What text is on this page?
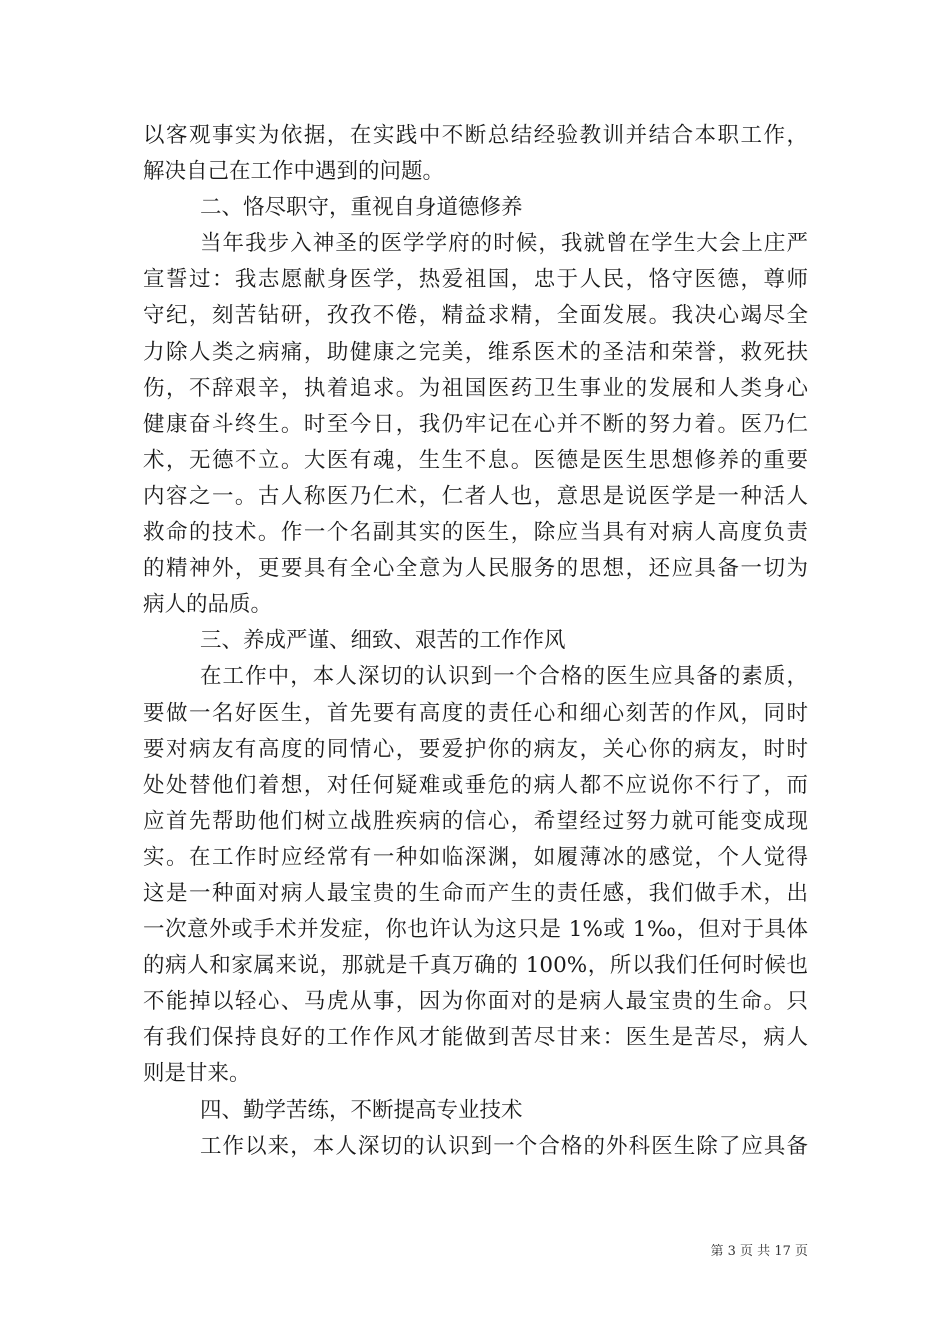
以客观事实为依据，在实践中不断总结经验教训并结合本职工作，
解决自己在工作中遇到的问题。
二、恪尽职守，重视自身道德修养
当年我步入神圣的医学学府的时候，我就曾在学生大会上庄严
宣誓过：我志愿献身医学，热爱祖国，忠于人民，恪守医德，尊师
守纪，刻苦钻研，孜孜不倦，精益求精，全面发展。我决心竭尽全
力除人类之病痛，助健康之完美，维系医术的圣洁和荣誉，救死扶
伤，不辞艰辛，执着追求。为祖国医药卫生事业的发展和人类身心
健康奋斗终生。时至今日，我仍牢记在心并不断的努力着。医乃仁
术，无德不立。大医有魂，生生不息。医德是医生思想修养的重要
内容之一。古人称医乃仁术，仁者人也，意思是说医学是一种活人
救命的技术。作一个名副其实的医生，除应当具有对病人高度负责
的精神外，更要具有全心全意为人民服务的思想，还应具备一切为
病人的品质。
三、养成严谨、细致、艰苦的工作作风
在工作中，本人深切的认识到一个合格的医生应具备的素质，
要做一名好医生，首先要有高度的责任心和细心刻苦的作风，同时
要对病友有高度的同情心，要爱护你的病友，关心你的病友，时时
处处替他们着想，对任何疑难或垂危的病人都不应说你不行了，而
应首先帮助他们树立战胜疾病的信心，希望经过努力就可能变成现
实。在工作时应经常有一种如临深渊，如履薄冰的感觉，个人觉得
这是一种面对病人最宝贵的生命而产生的责任感，我们做手术，出
一次意外或手术并发症，你也许认为这只是 1%或 1‰，但对于具体
的病人和家属来说，那就是千真万确的 100%，所以我们任何时候也
不能掉以轻心、马虎从事，因为你面对的是病人最宝贵的生命。只
有我们保持良好的工作作风才能做到苦尽甘来：医生是苦尽，病人
则是甘来。
四、勤学苦练，不断提高专业技术
工作以来，本人深切的认识到一个合格的外科医生除了应具备
第 3 页 共 17 页
